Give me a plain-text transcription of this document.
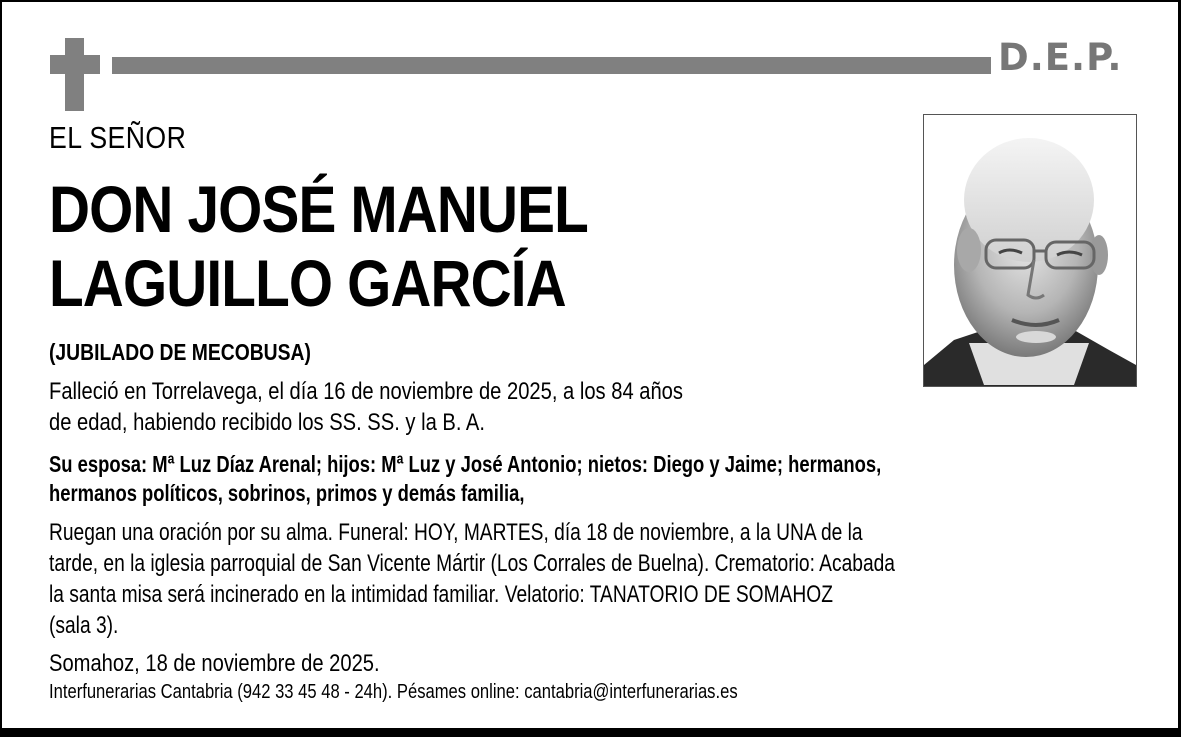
D.E.P.
EL SEÑOR
DON JOSÉ MANUEL
LAGUILLO GARCÍA
(JUBILADO DE MECOBUSA)
Falleció en Torrelavega, el día 16 de noviembre de 2025, a los 84 años
de edad, habiendo recibido los SS. SS. y la B. A.
Su esposa: Mª Luz Díaz Arenal; hijos: Mª Luz y José Antonio; nietos: Diego y Jaime; hermanos,
hermanos políticos, sobrinos, primos y demás familia,
Ruegan una oración por su alma. Funeral: HOY, MARTES, día 18 de noviembre, a la UNA de la
tarde, en la iglesia parroquial de San Vicente Mártir (Los Corrales de Buelna). Crematorio: Acabada
la santa misa será incinerado en la intimidad familiar. Velatorio: TANATORIO DE SOMAHOZ
(sala 3).
Somahoz, 18 de noviembre de 2025.
Interfunerarias Cantabria (942 33 45 48 - 24h). Pésames online: cantabria@interfunerarias.es
